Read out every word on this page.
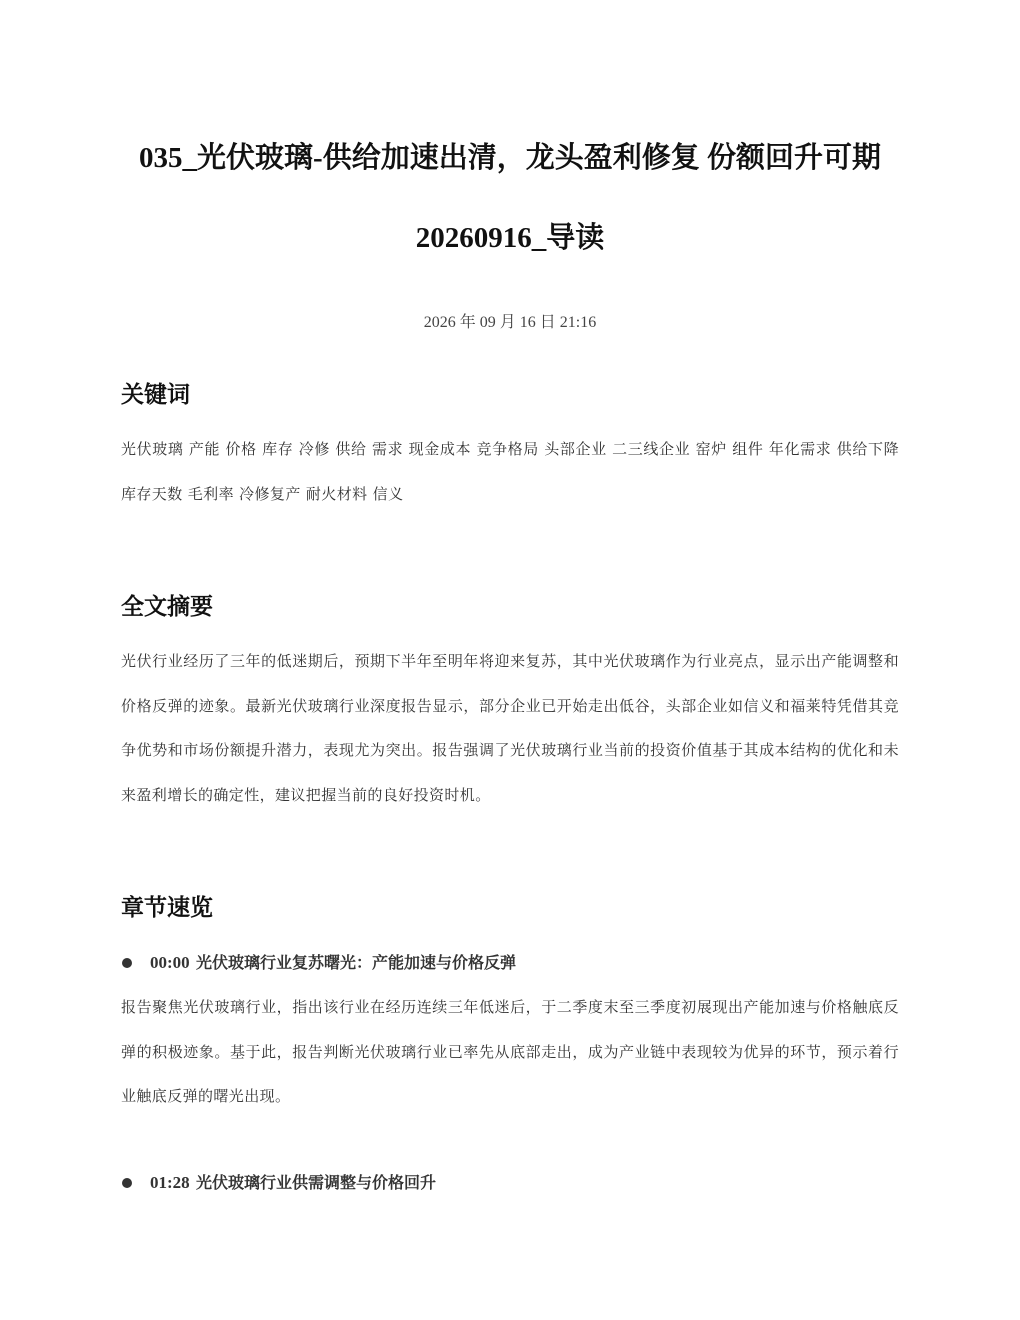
035_光伏玻璃-供给加速出清，龙头盈利修复 份额回升可期
20260916_导读
2026 年 09 月 16 日 21:16
关键词
光伏玻璃 产能 价格 库存 冷修 供给 需求 现金成本 竞争格局 头部企业 二三线企业 窑炉 组件 年化需求 供给下降 库存天数 毛利率 冷修复产 耐火材料 信义
全文摘要
光伏行业经历了三年的低迷期后，预期下半年至明年将迎来复苏，其中光伏玻璃作为行业亮点，显示出产能调整和价格反弹的迹象。最新光伏玻璃行业深度报告显示，部分企业已开始走出低谷，头部企业如信义和福莱特凭借其竞争优势和市场份额提升潜力，表现尤为突出。报告强调了光伏玻璃行业当前的投资价值基于其成本结构的优化和未来盈利增长的确定性，建议把握当前的良好投资时机。
章节速览
00:00 光伏玻璃行业复苏曙光：产能加速与价格反弹
报告聚焦光伏玻璃行业，指出该行业在经历连续三年低迷后，于二季度末至三季度初展现出产能加速与价格触底反弹的积极迹象。基于此，报告判断光伏玻璃行业已率先从底部走出，成为产业链中表现较为优异的环节，预示着行业触底反弹的曙光出现。
01:28 光伏玻璃行业供需调整与价格回升
